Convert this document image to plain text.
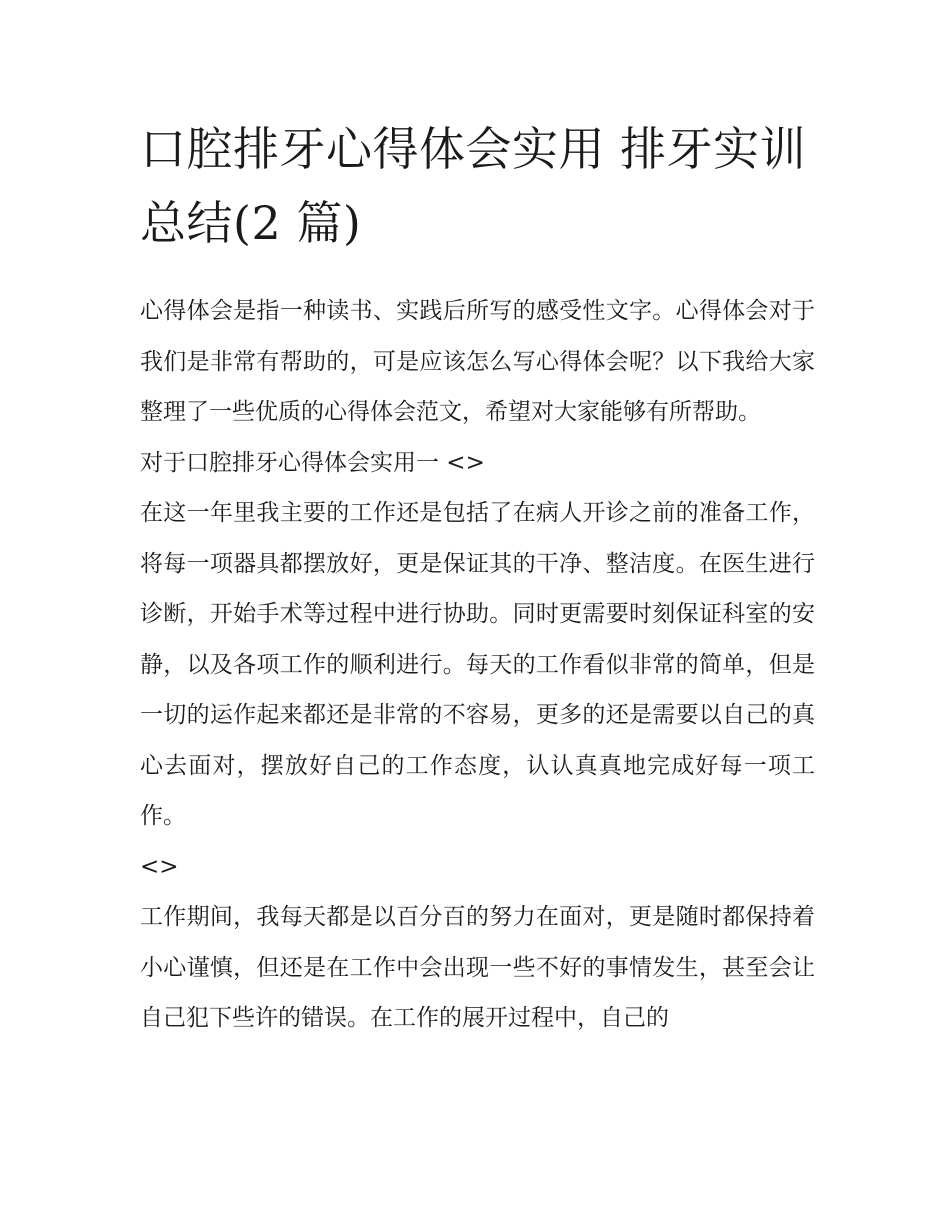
口腔排牙心得体会实用 排牙实训总结(2 篇)

心得体会是指一种读书、实践后所写的感受性文字。心得体会对于我们是非常有帮助的，可是应该怎么写心得体会呢？以下我给大家整理了一些优质的心得体会范文，希望对大家能够有所帮助。

对于口腔排牙心得体会实用一 <>

在这一年里我主要的工作还是包括了在病人开诊之前的准备工作，将每一项器具都摆放好，更是保证其的干净、整洁度。在医生进行诊断，开始手术等过程中进行协助。同时更需要时刻保证科室的安静，以及各项工作的顺利进行。每天的工作看似非常的简单，但是一切的运作起来都还是非常的不容易，更多的还是需要以自己的真心去面对，摆放好自己的工作态度，认认真真地完成好每一项工作。

<>

工作期间，我每天都是以百分百的努力在面对，更是随时都保持着小心谨慎，但还是在工作中会出现一些不好的事情发生，甚至会让自己犯下些许的错误。在工作的展开过程中，自己的
